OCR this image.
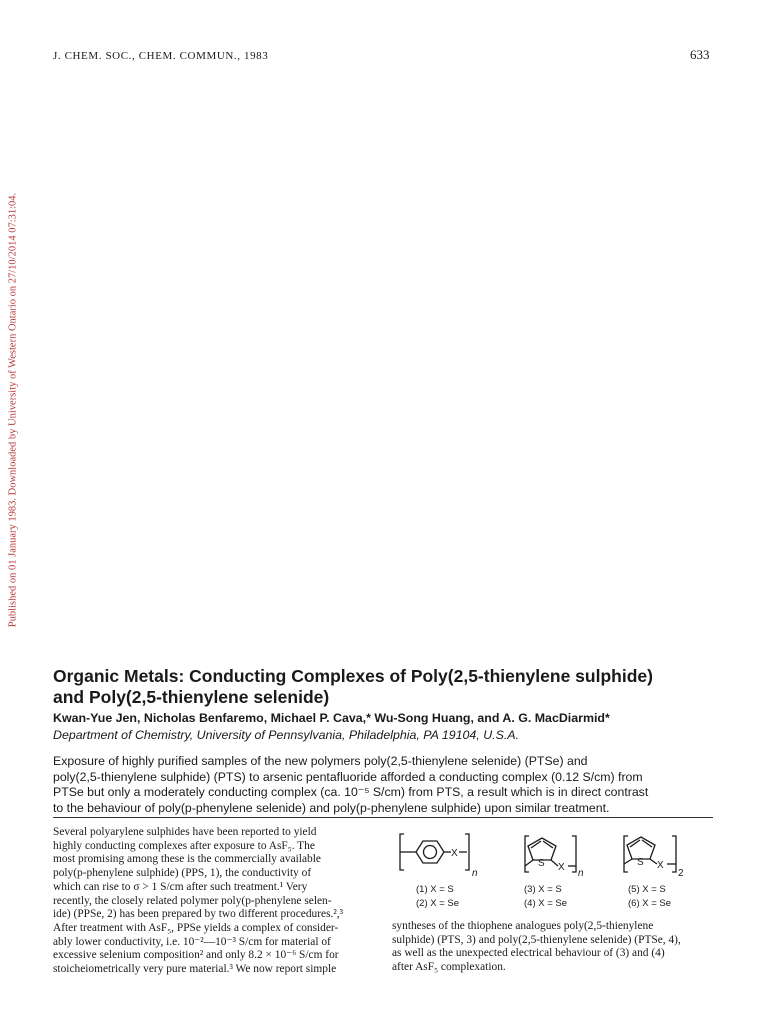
J. CHEM. SOC., CHEM. COMMUN., 1983	633
Published on 01 January 1983. Downloaded by University of Western Ontario on 27/10/2014 07:31:04.
Organic Metals: Conducting Complexes of Poly(2,5-thienylene sulphide)
and Poly(2,5-thienylene selenide)
Kwan-Yue Jen, Nicholas Benfaremo, Michael P. Cava,* Wu-Song Huang, and A. G. MacDiarmid*
Department of Chemistry, University of Pennsylvania, Philadelphia, PA 19104, U.S.A.
Exposure of highly purified samples of the new polymers poly(2,5-thienylene selenide) (PTSe) and
poly(2,5-thienylene sulphide) (PTS) to arsenic pentafluoride afforded a conducting complex (0.12 S/cm) from
PTSe but only a moderately conducting complex (ca. 10⁻⁵ S/cm) from PTS, a result which is in direct contrast
to the behaviour of poly(p-phenylene selenide) and poly(p-phenylene sulphide) upon similar treatment.
Several polyarylene sulphides have been reported to yield
highly conducting complexes after exposure to AsF₅. The
most promising among these is the commercially available
poly(p-phenylene sulphide) (PPS, 1), the conductivity of
which can rise to σ > 1 S/cm after such treatment.¹ Very
recently, the closely related polymer poly(p-phenylene selen-
ide) (PPSe, 2) has been prepared by two different procedures.²,³
After treatment with AsF₅, PPSe yields a complex of consider-
ably lower conductivity, i.e. 10⁻²—10⁻³ S/cm for material of
excessive selenium composition² and only 8.2 × 10⁻⁶ S/cm for
stoicheiometrically very pure material.³ We now report simple
X
n
S X
n
S X
2
(1) X = S
(2) X = Se
(3) X = S
(4) X = Se
(5) X = S
(6) X = Se
syntheses of the thiophene analogues poly(2,5-thienylene
sulphide) (PTS, 3) and poly(2,5-thienylene selenide) (PTSe, 4),
as well as the unexpected electrical behaviour of (3) and (4)
after AsF₅ complexation.
